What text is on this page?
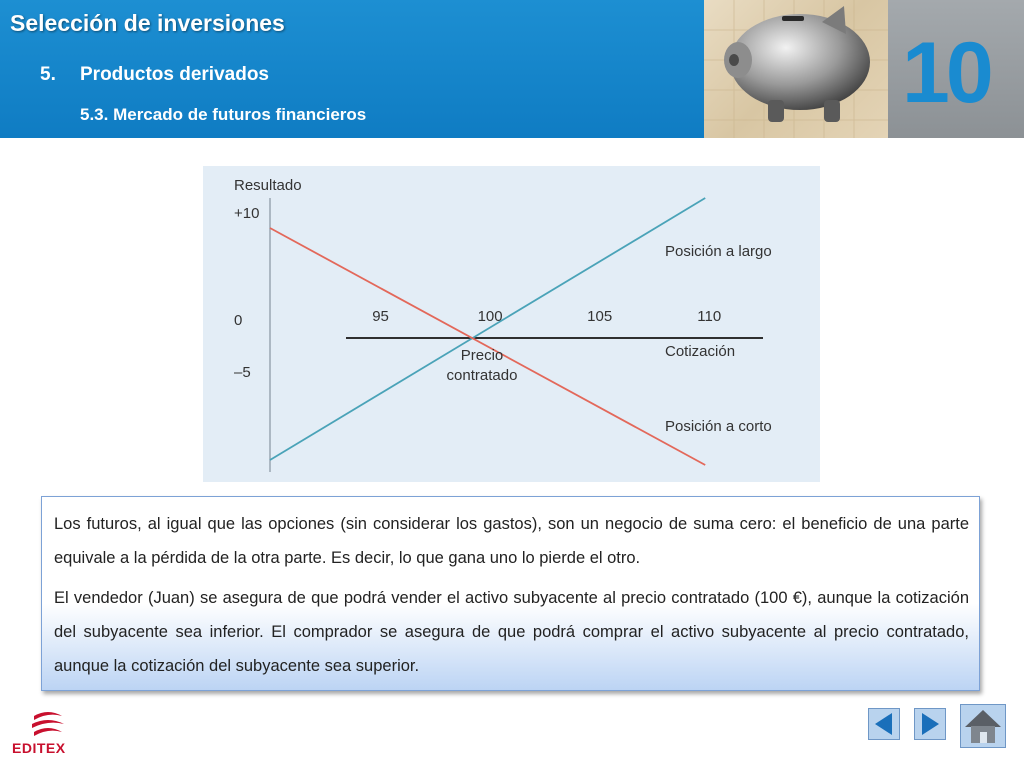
Selección de inversiones
5. Productos derivados
5.3. Mercado de futuros financieros	10
Resultado
+10
0
–5
95	100	105	110
Cotización
Posición a largo
Posición a corto
Precio
contratado

Los futuros, al igual que las opciones (sin considerar los gastos), son un negocio de suma cero: el beneficio de una parte equivale a la pérdida de la otra parte. Es decir, lo que gana uno lo pierde el otro.

El vendedor (Juan) se asegura de que podrá vender el activo subyacente al precio contratado (100 €), aunque la cotización del subyacente sea inferior. El comprador se asegura de que podrá comprar el activo subyacente al precio contratado, aunque la cotización del subyacente sea superior.

EDITEX
